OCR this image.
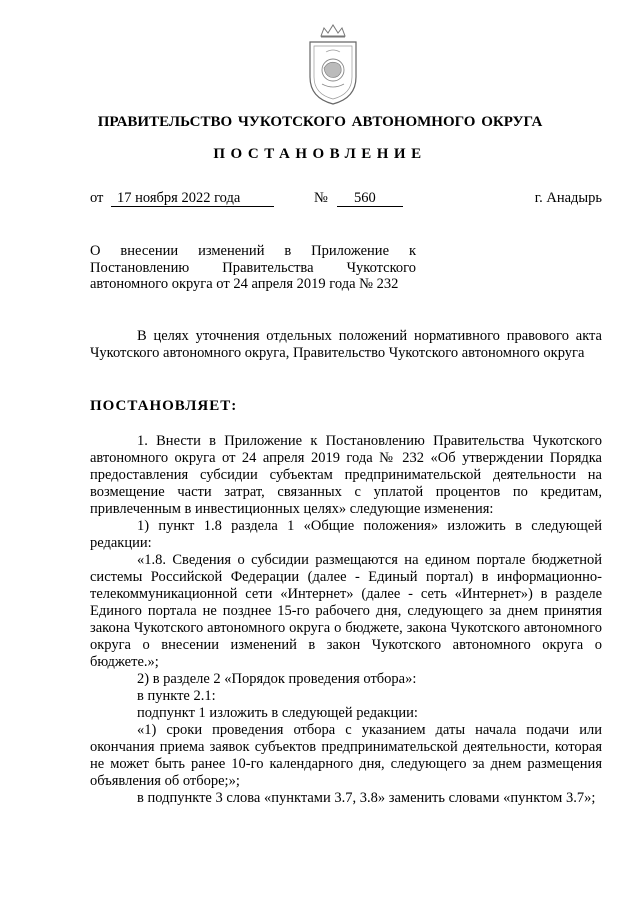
ПРАВИТЕЛЬСТВО ЧУКОТСКОГО АВТОНОМНОГО ОКРУГА
ПОСТАНОВЛЕНИЕ
от 17 ноября 2022 года	№ 560	г. Анадырь

О внесении изменений в Приложение к Постановлению Правительства Чукотского автономного округа от 24 апреля 2019 года № 232

В целях уточнения отдельных положений нормативного правового акта Чукотского автономного округа, Правительство Чукотского автономного округа

ПОСТАНОВЛЯЕТ:

1. Внести в Приложение к Постановлению Правительства Чукотского автономного округа от 24 апреля 2019 года № 232 «Об утверждении Порядка предоставления субсидии субъектам предпринимательской деятельности на возмещение части затрат, связанных с уплатой процентов по кредитам, привлеченным в инвестиционных целях» следующие изменения:

1) пункт 1.8 раздела 1 «Общие положения» изложить в следующей редакции:

«1.8. Сведения о субсидии размещаются на едином портале бюджетной системы Российской Федерации (далее - Единый портал) в информационно-телекоммуникационной сети «Интернет» (далее - сеть «Интернет») в разделе Единого портала не позднее 15-го рабочего дня, следующего за днем принятия закона Чукотского автономного округа о бюджете, закона Чукотского автономного округа о внесении изменений в закон Чукотского автономного округа о бюджете.»;

2) в разделе 2 «Порядок проведения отбора»:

в пункте 2.1:

подпункт 1 изложить в следующей редакции:

«1) сроки проведения отбора с указанием даты начала подачи или окончания приема заявок субъектов предпринимательской деятельности, которая не может быть ранее 10-го календарного дня, следующего за днем размещения объявления об отборе;»;

в подпункте 3 слова «пунктами 3.7, 3.8» заменить словами «пунктом 3.7»;
